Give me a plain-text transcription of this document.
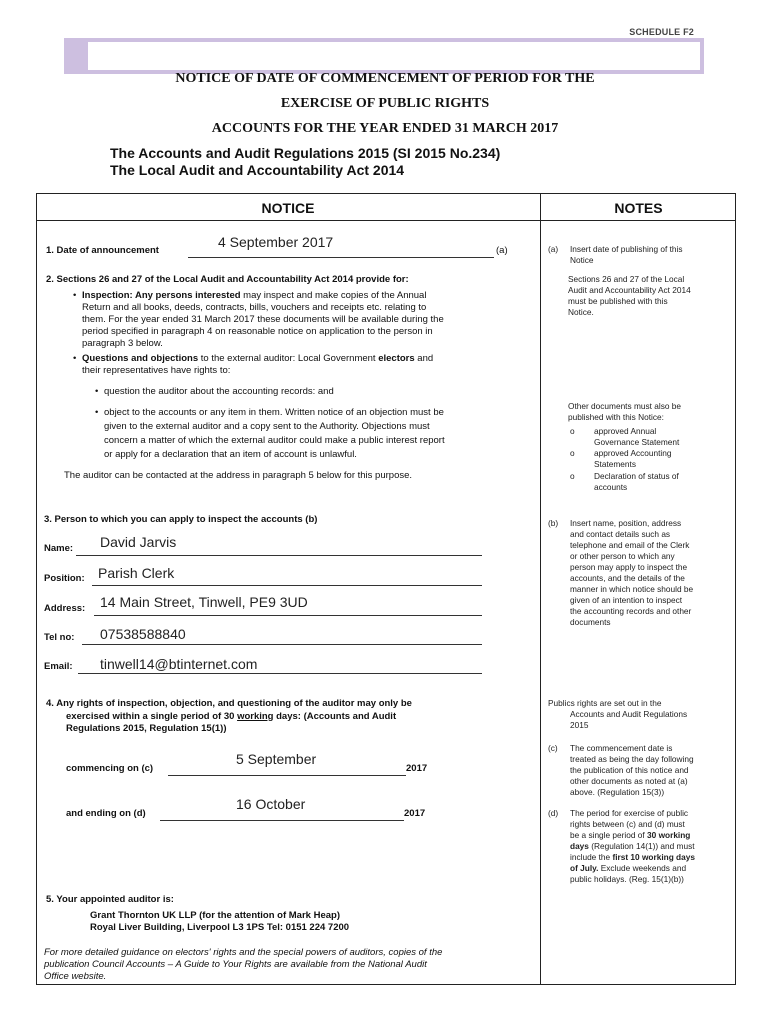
SCHEDULE F2
NOTICE OF DATE OF COMMENCEMENT OF PERIOD FOR THE
EXERCISE OF PUBLIC RIGHTS
ACCOUNTS FOR THE YEAR ENDED 31 MARCH 2017
The Accounts and Audit Regulations 2015 (SI 2015 No.234)
The Local Audit and Accountability Act 2014
NOTICE	NOTES
1. Date of announcement
4 September 2017
(a)
2. Sections 26 and 27 of the Local Audit and Accountability Act 2014 provide for:
Inspection: Any persons interested may inspect and make copies of the Annual
Return and all books, deeds, contracts, bills, vouchers and receipts etc. relating to
them. For the year ended 31 March 2017 these documents will be available during the
period specified in paragraph 4 on reasonable notice on application to the person in
paragraph 3 below.
Questions and objections to the external auditor: Local Government electors and
their representatives have rights to:
question the auditor about the accounting records: and
object to the accounts or any item in them. Written notice of an objection must be
given to the external auditor and a copy sent to the Authority. Objections must
concern a matter of which the external auditor could make a public interest report
or apply for a declaration that an item of account is unlawful.
The auditor can be contacted at the address in paragraph 5 below for this purpose.
3. Person to which you can apply to inspect the accounts (b)
Name: David Jarvis
Position: Parish Clerk
Address: 14 Main Street, Tinwell, PE9 3UD
Tel no: 07538588840
Email: tinwell14@btinternet.com
4. Any rights of inspection, objection, and questioning of the auditor may only be
exercised within a single period of 30 working days: (Accounts and Audit
Regulations 2015, Regulation 15(1))
commencing on (c)
5 September
2017
and ending on (d)
16 October
2017
5. Your appointed auditor is:
Grant Thornton UK LLP (for the attention of Mark Heap)
Royal Liver Building, Liverpool L3 1PS Tel: 0151 224 7200
For more detailed guidance on electors' rights and the special powers of auditors, copies of the
publication Council Accounts – A Guide to Your Rights are available from the National Audit
Office website.
(a) Insert date of publishing of this
Notice
Sections 26 and 27 of the Local
Audit and Accountability Act 2014
must be published with this
Notice.
Other documents must also be
published with this Notice:
o approved Annual
Governance Statement
o approved Accounting
Statements
o Declaration of status of
accounts
(b) Insert name, position, address
and contact details such as
telephone and email of the Clerk
or other person to which any
person may apply to inspect the
accounts, and the details of the
manner in which notice should be
given of an intention to inspect
the accounting records and other
documents
Publics rights are set out in the
Accounts and Audit Regulations
2015
(c) The commencement date is
treated as being the day following
the publication of this notice and
other documents as noted at (a)
above. (Regulation 15(3))
(d) The period for exercise of public
rights between (c) and (d) must
be a single period of 30 working
days (Regulation 14(1)) and must
include the first 10 working days
of July. Exclude weekends and
public holidays. (Reg. 15(1)(b))
